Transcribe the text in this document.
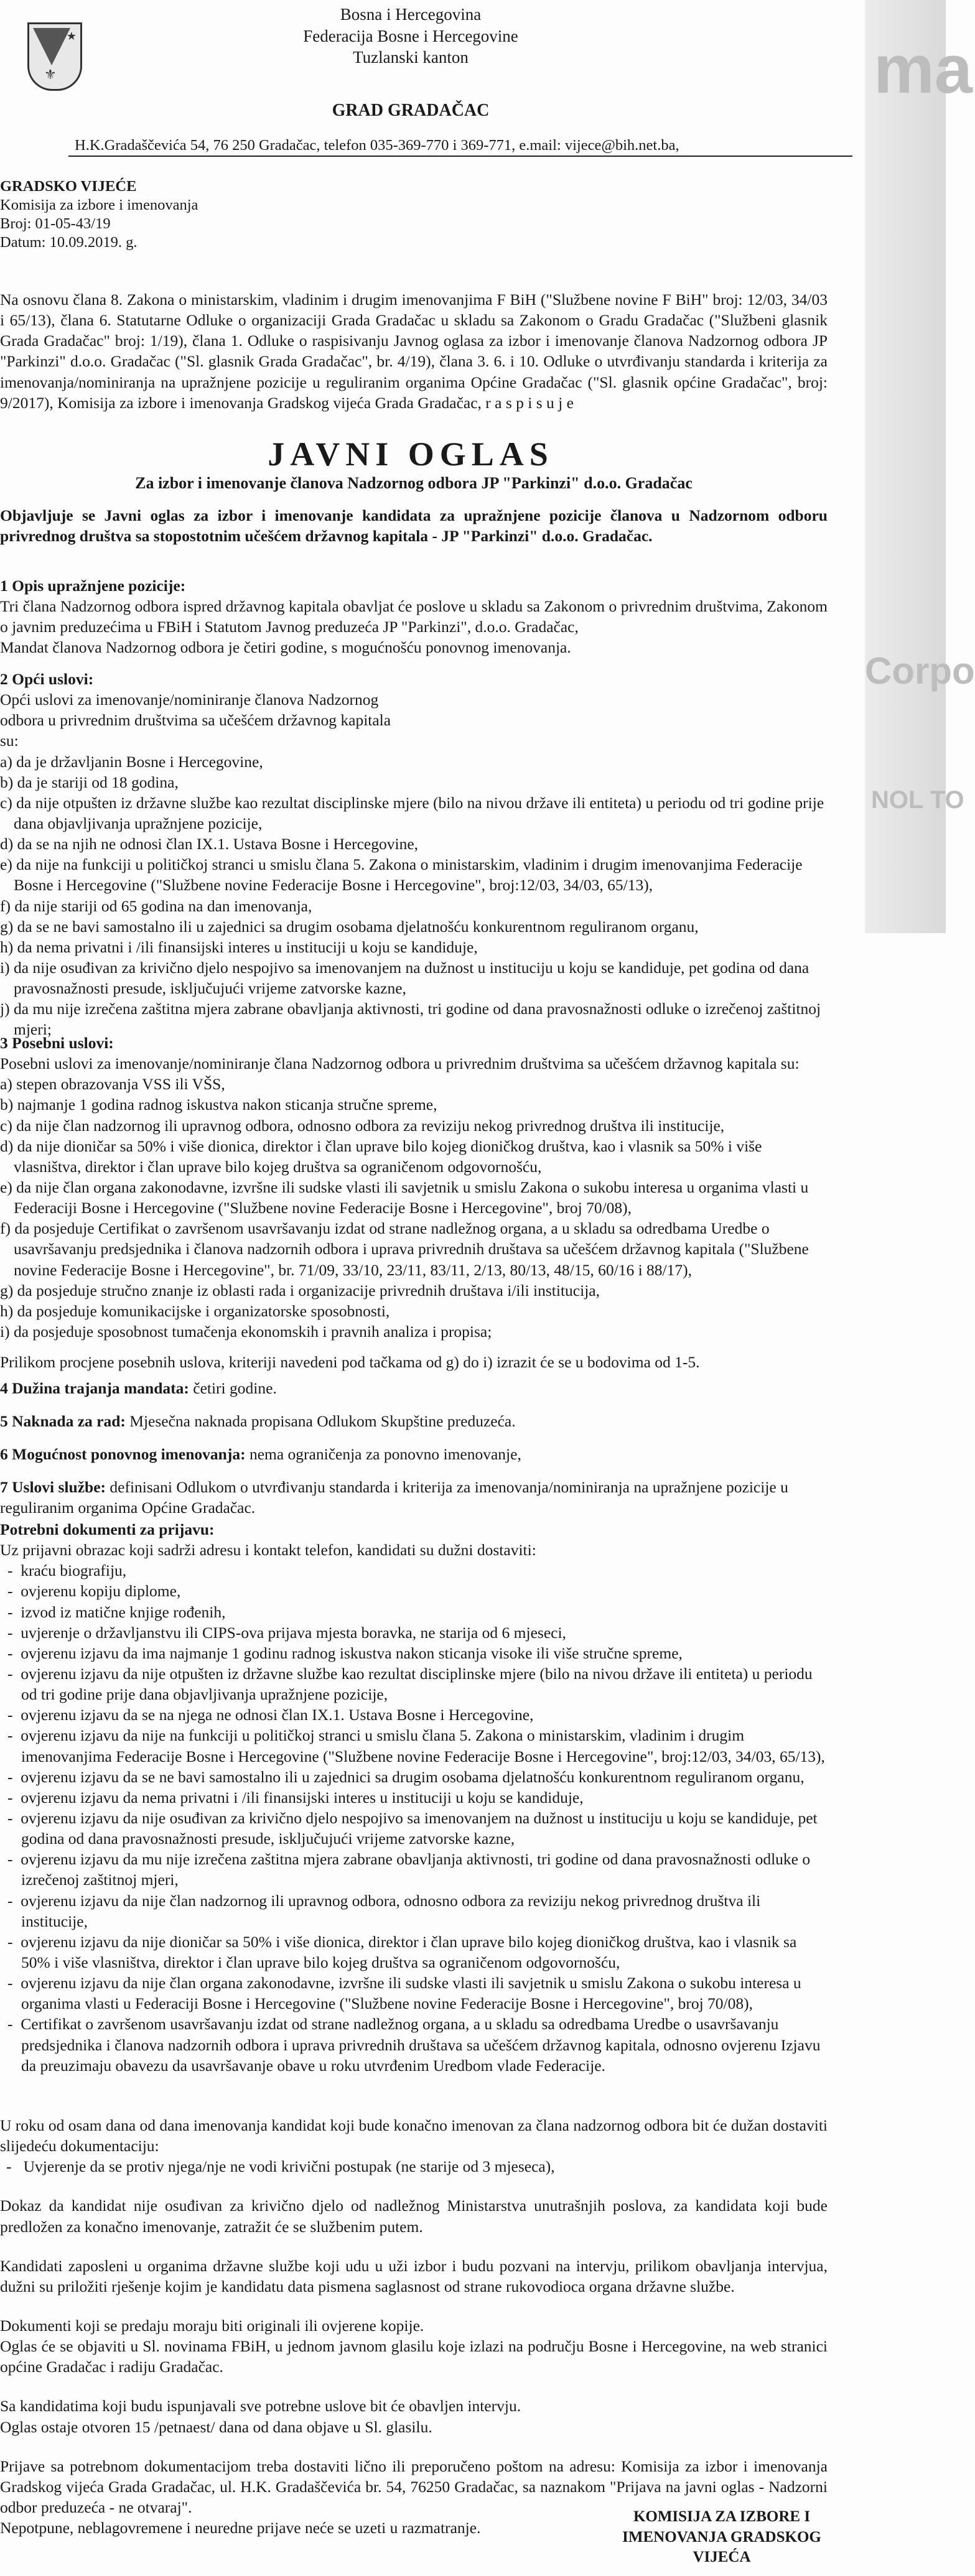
ma
Corpo
NOL TO
★
⚜
Bosna i Hercegovina
Federacija Bosne i Hercegovine
Tuzlanski kanton
GRAD GRADAČAC
H.K.Gradaščevića 54, 76 250 Gradačac, telefon 035-369-770 i 369-771, e.mail: vijece@bih.net.ba,
GRADSKO VIJEĆE
Komisija za izbore i imenovanja
Broj: 01-05-43/19
Datum: 10.09.2019. g.
Na osnovu člana 8. Zakona o ministarskim, vladinim i drugim imenovanjima F BiH ("Službene novine F BiH" broj: 12/03, 34/03 i 65/13), člana 6. Statutarne Odluke o organizaciji Grada Gradačac u skladu sa Zakonom o Gradu Gradačac ("Službeni glasnik Grada Gradačac" broj: 1/19), člana 1. Odluke o raspisivanju Javnog oglasa za izbor i imenovanje članova Nadzornog odbora JP "Parkinzi" d.o.o. Gradačac ("Sl. glasnik Grada Gradačac", br. 4/19), člana 3. 6. i 10. Odluke o utvrđivanju standarda i kriterija za imenovanja/nominiranja na upražnjene pozicije u reguliranim organima Općine Gradačac ("Sl. glasnik općine Gradačac", broj: 9/2017), Komisija za izbore i imenovanja Gradskog vijeća Grada Gradačac, r a s p i s u j e
JAVNI OGLAS
Za izbor i imenovanje članova Nadzornog odbora JP "Parkinzi" d.o.o. Gradačac
Objavljuje se Javni oglas za izbor i imenovanje kandidata za upražnjene pozicije članova u Nadzornom odboru privrednog društva sa stopostotnim učešćem državnog kapitala - JP "Parkinzi" d.o.o. Gradačac.
1 Opis upražnjene pozicije:
Tri člana Nadzornog odbora ispred državnog kapitala obavljat će poslove u skladu sa Zakonom o privrednim društvima, Zakonom o javnim preduzećima u FBiH i Statutom Javnog preduzeća JP "Parkinzi", d.o.o. Gradačac,
Mandat članova Nadzornog odbora je četiri godine, s mogućnošću ponovnog imenovanja.
2 Opći uslovi:
Opći uslovi za imenovanje/nominiranje članova Nadzornog odbora u privrednim društvima sa učešćem državnog kapitala su:
a) da je državljanin Bosne i Hercegovine,
b) da je stariji od 18 godina,
c) da nije otpušten iz državne službe kao rezultat disciplinske mjere (bilo na nivou države ili entiteta) u periodu od tri godine prije dana objavljivanja upražnjene pozicije,
d) da se na njih ne odnosi član IX.1. Ustava Bosne i Hercegovine,
e) da nije na funkciji u političkoj stranci u smislu člana 5. Zakona o ministarskim, vladinim i drugim imenovanjima Federacije Bosne i Hercegovine ("Službene novine Federacije Bosne i Hercegovine", broj:12/03, 34/03, 65/13),
f) da nije stariji od 65 godina na dan imenovanja,
g) da se ne bavi samostalno ili u zajednici sa drugim osobama djelatnošću konkurentnom reguliranom organu,
h) da nema privatni i /ili finansijski interes u instituciji u koju se kandiduje,
i) da nije osuđivan za krivično djelo nespojivo sa imenovanjem na dužnost u instituciju u koju se kandiduje, pet godina od dana pravosnažnosti presude, isključujući vrijeme zatvorske kazne,
j) da mu nije izrečena zaštitna mjera zabrane obavljanja aktivnosti, tri godine od dana pravosnažnosti odluke o izrečenoj zaštitnoj mjeri;
3 Posebni uslovi:
Posebni uslovi za imenovanje/nominiranje člana Nadzornog odbora u privrednim društvima sa učešćem državnog kapitala su:
a) stepen obrazovanja VSS ili VŠS,
b) najmanje 1 godina radnog iskustva nakon sticanja stručne spreme,
c) da nije član nadzornog ili upravnog odbora, odnosno odbora za reviziju nekog privrednog društva ili institucije,
d) da nije dioničar sa 50% i više dionica, direktor i član uprave bilo kojeg dioničkog društva, kao i vlasnik sa 50% i više vlasništva, direktor i član uprave bilo kojeg društva sa ograničenom odgovornošću,
e) da nije član organa zakonodavne, izvršne ili sudske vlasti ili savjetnik u smislu Zakona o sukobu interesa u organima vlasti u Federaciji Bosne i Hercegovine ("Službene novine Federacije Bosne i Hercegovine", broj 70/08),
f) da posjeduje Certifikat o završenom usavršavanju izdat od strane nadležnog organa, a u skladu sa odredbama Uredbe o usavršavanju predsjednika i članova nadzornih odbora i uprava privrednih društava sa učešćem državnog kapitala ("Službene novine Federacije Bosne i Hercegovine", br. 71/09, 33/10, 23/11, 83/11, 2/13, 80/13, 48/15, 60/16 i 88/17),
g) da posjeduje stručno znanje iz oblasti rada i organizacije privrednih društava i/ili institucija,
h) da posjeduje komunikacijske i organizatorske sposobnosti,
i) da posjeduje sposobnost tumačenja ekonomskih i pravnih analiza i propisa;
Prilikom procjene posebnih uslova, kriteriji navedeni pod tačkama od g) do i) izrazit će se u bodovima od 1-5.
4 Dužina trajanja mandata: četiri godine.
5 Naknada za rad: Mjesečna naknada propisana Odlukom Skupštine preduzeća.
6 Mogućnost ponovnog imenovanja: nema ograničenja za ponovno imenovanje,
7 Uslovi službe: definisani Odlukom o utvrđivanju standarda i kriterija za imenovanja/nominiranja na upražnjene pozicije u reguliranim organima Općine Gradačac.
Potrebni dokumenti za prijavu:
Uz prijavni obrazac koji sadrži adresu i kontakt telefon, kandidati su dužni dostaviti:
-  kraću biografiju,
-  ovjerenu kopiju diplome,
-  izvod iz matične knjige rođenih,
-  uvjerenje o državljanstvu ili CIPS-ova prijava mjesta boravka, ne starija od 6 mjeseci,
-  ovjerenu izjavu da ima najmanje 1 godinu radnog iskustva nakon sticanja visoke ili više stručne spreme,
-  ovjerenu izjavu da nije otpušten iz državne službe kao rezultat disciplinske mjere (bilo na nivou države ili entiteta) u periodu od tri godine prije dana objavljivanja upražnjene pozicije,
-  ovjerenu izjavu da se na njega ne odnosi član IX.1. Ustava Bosne i Hercegovine,
-  ovjerenu izjavu da nije na funkciji u političkoj stranci u smislu člana 5. Zakona o ministarskim, vladinim i drugim imenovanjima Federacije Bosne i Hercegovine ("Službene novine Federacije Bosne i Hercegovine", broj:12/03, 34/03, 65/13),
-  ovjerenu izjavu da se ne bavi samostalno ili u zajednici sa drugim osobama djelatnošću konkurentnom reguliranom organu,
-  ovjerenu izjavu da nema privatni i /ili finansijski interes u instituciji u koju se kandiduje,
-  ovjerenu izjavu da nije osuđivan za krivično djelo nespojivo sa imenovanjem na dužnost u instituciju u koju se kandiduje, pet godina od dana pravosnažnosti presude, isključujući vrijeme zatvorske kazne,
-  ovjerenu izjavu da mu nije izrečena zaštitna mjera zabrane obavljanja aktivnosti, tri godine od dana pravosnažnosti odluke o izrečenoj zaštitnoj mjeri,
-  ovjerenu izjavu da nije član nadzornog ili upravnog odbora, odnosno odbora za reviziju nekog privrednog društva ili institucije,
-  ovjerenu izjavu da nije dioničar sa 50% i više dionica, direktor i član uprave bilo kojeg dioničkog društva, kao i vlasnik sa 50% i više vlasništva, direktor i član uprave bilo kojeg društva sa ograničenom odgovornošću,
-  ovjerenu izjavu da nije član organa zakonodavne, izvršne ili sudske vlasti ili savjetnik u smislu Zakona o sukobu interesa u organima vlasti u Federaciji Bosne i Hercegovine ("Službene novine Federacije Bosne i Hercegovine", broj 70/08),
-  Certifikat o završenom usavršavanju izdat od strane nadležnog organa, a u skladu sa odredbama Uredbe o usavršavanju predsjednika i članova nadzornih odbora i uprava privrednih društava sa učešćem državnog kapitala, odnosno ovjerenu Izjavu da preuzimaju obavezu da usavršavanje obave u roku utvrđenim Uredbom vlade Federacije.
U roku od osam dana od dana imenovanja kandidat koji bude konačno imenovan za člana nadzornog odbora bit će dužan dostaviti slijedeću dokumentaciju:
-   Uvjerenje da se protiv njega/nje ne vodi krivični postupak (ne starije od 3 mjeseca),
Dokaz da kandidat nije osuđivan za krivično djelo od nadležnog Ministarstva unutrašnjih poslova, za kandidata koji bude predložen za konačno imenovanje, zatražit će se službenim putem.
Kandidati zaposleni u organima državne službe koji udu u uži izbor i budu pozvani na intervju, prilikom obavljanja intervjua, dužni su priložiti rješenje kojim je kandidatu data pismena saglasnost od strane rukovodioca organa državne službe.
Dokumenti koji se predaju moraju biti originali ili ovjerene kopije.
Oglas će se objaviti u Sl. novinama FBiH, u jednom javnom glasilu koje izlazi na području Bosne i Hercegovine, na web stranici općine Gradačac i radiju Gradačac.
Sa kandidatima koji budu ispunjavali sve potrebne uslove bit će obavljen intervju.
Oglas ostaje otvoren 15 /petnaest/ dana od dana objave u Sl. glasilu.
Prijave sa potrebnom dokumentacijom treba dostaviti lično ili preporučeno poštom na adresu: Komisija za izbor i imenovanja Gradskog vijeća Grada Gradačac, ul. H.K. Gradaščevića br. 54, 76250 Gradačac, sa naznakom "Prijava na javni oglas - Nadzorni odbor preduzeća - ne otvaraj".
Nepotpune, neblagovremene i neuredne prijave neće se uzeti u razmatranje.
KOMISIJA ZA IZBORE I
IMENOVANJA GRADSKOG VIJEĆA
